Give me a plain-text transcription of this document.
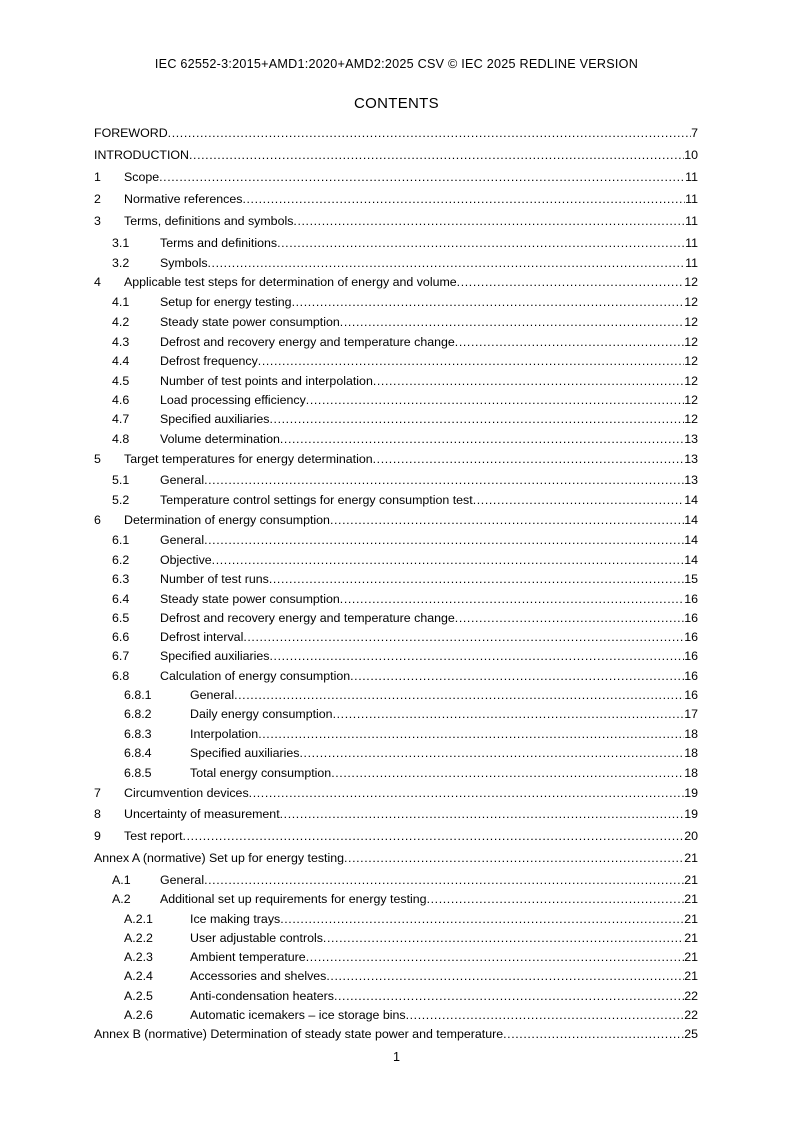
IEC 62552-3:2015+AMD1:2020+AMD2:2025 CSV © IEC 2025 REDLINE VERSION
CONTENTS
FOREWORD .....	7
INTRODUCTION .....	10
1	Scope .....	11
2	Normative references .....	11
3	Terms, definitions and symbols .....	11
3.1	Terms and definitions .....	11
3.2	Symbols .....	11
4	Applicable test steps for determination of energy and volume .....	12
4.1	Setup for energy testing .....	12
4.2	Steady state power consumption .....	12
4.3	Defrost and recovery energy and temperature change .....	12
4.4	Defrost frequency .....	12
4.5	Number of test points and interpolation .....	12
4.6	Load processing efficiency .....	12
4.7	Specified auxiliaries .....	12
4.8	Volume determination .....	13
5	Target temperatures for energy determination .....	13
5.1	General .....	13
5.2	Temperature control settings for energy consumption test .....	14
6	Determination of energy consumption .....	14
6.1	General .....	14
6.2	Objective .....	14
6.3	Number of test runs .....	15
6.4	Steady state power consumption .....	16
6.5	Defrost and recovery energy and temperature change .....	16
6.6	Defrost interval .....	16
6.7	Specified auxiliaries .....	16
6.8	Calculation of energy consumption .....	16
6.8.1	General .....	16
6.8.2	Daily energy consumption .....	17
6.8.3	Interpolation .....	18
6.8.4	Specified auxiliaries .....	18
6.8.5	Total energy consumption .....	18
7	Circumvention devices .....	19
8	Uncertainty of measurement .....	19
9	Test report .....	20
Annex A (normative) Set up for energy testing .....	21
A.1	General .....	21
A.2	Additional set up requirements for energy testing .....	21
A.2.1	Ice making trays .....	21
A.2.2	User adjustable controls .....	21
A.2.3	Ambient temperature .....	21
A.2.4	Accessories and shelves .....	21
A.2.5	Anti-condensation heaters .....	22
A.2.6	Automatic icemakers – ice storage bins .....	22
Annex B (normative) Determination of steady state power and temperature .....	25
1
